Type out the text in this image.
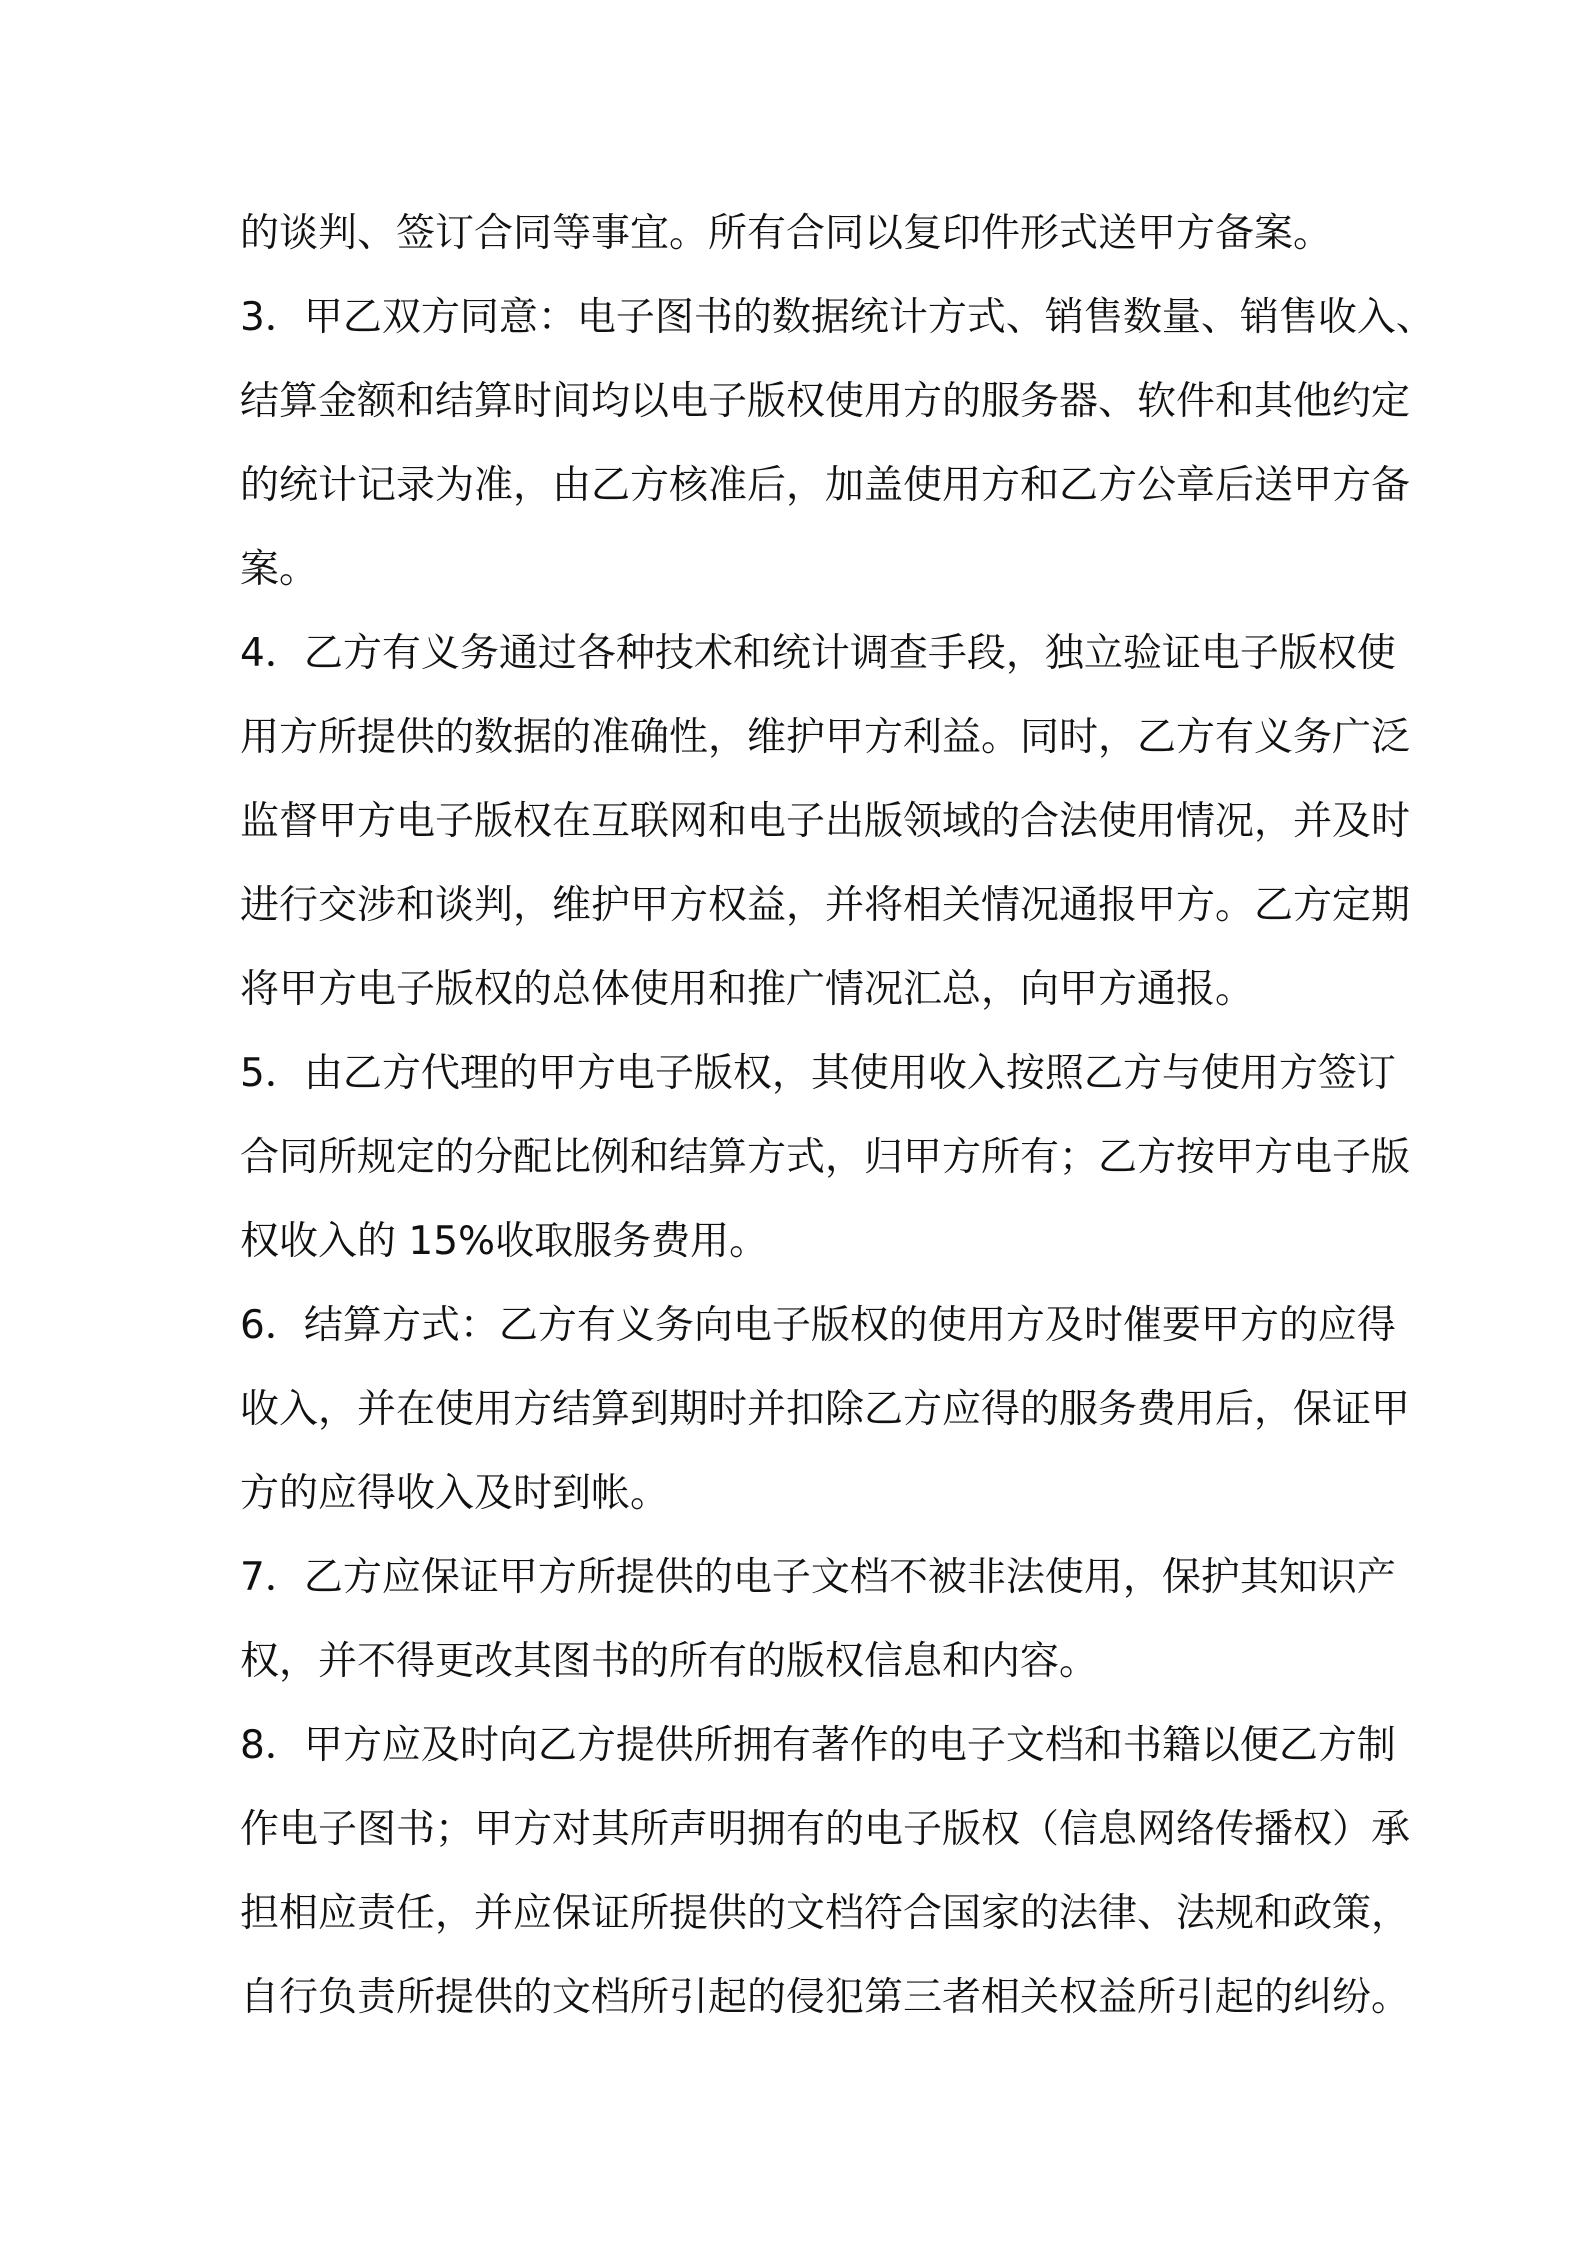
的谈判、签订合同等事宜。所有合同以复印件形式送甲方备案。
3．甲乙双方同意：电子图书的数据统计方式、销售数量、销售收入、
结算金额和结算时间均以电子版权使用方的服务器、软件和其他约定
的统计记录为准，由乙方核准后，加盖使用方和乙方公章后送甲方备
案。
4．乙方有义务通过各种技术和统计调查手段，独立验证电子版权使
用方所提供的数据的准确性，维护甲方利益。同时，乙方有义务广泛
监督甲方电子版权在互联网和电子出版领域的合法使用情况，并及时
进行交涉和谈判，维护甲方权益，并将相关情况通报甲方。乙方定期
将甲方电子版权的总体使用和推广情况汇总，向甲方通报。
5．由乙方代理的甲方电子版权，其使用收入按照乙方与使用方签订
合同所规定的分配比例和结算方式，归甲方所有；乙方按甲方电子版
权收入的 15%收取服务费用。
6．结算方式：乙方有义务向电子版权的使用方及时催要甲方的应得
收入，并在使用方结算到期时并扣除乙方应得的服务费用后，保证甲
方的应得收入及时到帐。
7．乙方应保证甲方所提供的电子文档不被非法使用，保护其知识产
权，并不得更改其图书的所有的版权信息和内容。
8．甲方应及时向乙方提供所拥有著作的电子文档和书籍以便乙方制
作电子图书；甲方对其所声明拥有的电子版权（信息网络传播权）承
担相应责任，并应保证所提供的文档符合国家的法律、法规和政策，
自行负责所提供的文档所引起的侵犯第三者相关权益所引起的纠纷。
